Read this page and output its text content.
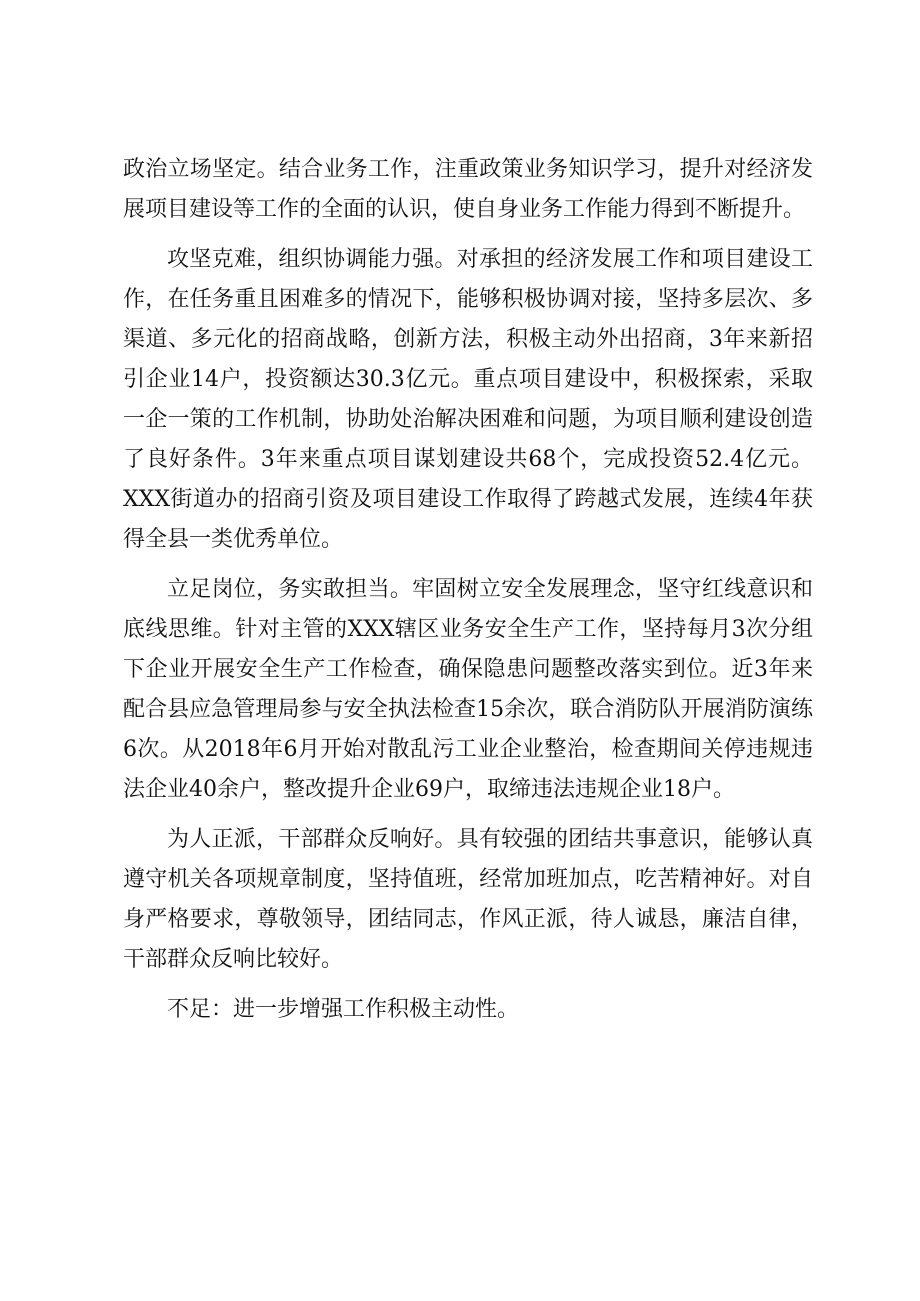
政治立场坚定。结合业务工作，注重政策业务知识学习，提升对经济发展项目建设等工作的全面的认识，使自身业务工作能力得到不断提升。

攻坚克难，组织协调能力强。对承担的经济发展工作和项目建设工作，在任务重且困难多的情况下，能够积极协调对接，坚持多层次、多渠道、多元化的招商战略，创新方法，积极主动外出招商，3年来新招引企业14户，投资额达30.3亿元。重点项目建设中，积极探索，采取一企一策的工作机制，协助处治解决困难和问题，为项目顺利建设创造了良好条件。3年来重点项目谋划建设共68个，完成投资52.4亿元。XXX街道办的招商引资及项目建设工作取得了跨越式发展，连续4年获得全县一类优秀单位。

立足岗位，务实敢担当。牢固树立安全发展理念，坚守红线意识和底线思维。针对主管的XXX辖区业务安全生产工作，坚持每月3次分组下企业开展安全生产工作检查，确保隐患问题整改落实到位。近3年来配合县应急管理局参与安全执法检查15余次，联合消防队开展消防演练6次。从2018年6月开始对散乱污工业企业整治，检查期间关停违规违法企业40余户，整改提升企业69户，取缔违法违规企业18户。

为人正派，干部群众反响好。具有较强的团结共事意识，能够认真遵守机关各项规章制度，坚持值班，经常加班加点，吃苦精神好。对自身严格要求，尊敬领导，团结同志，作风正派，待人诚恳，廉洁自律，干部群众反响比较好。

不足：进一步增强工作积极主动性。
